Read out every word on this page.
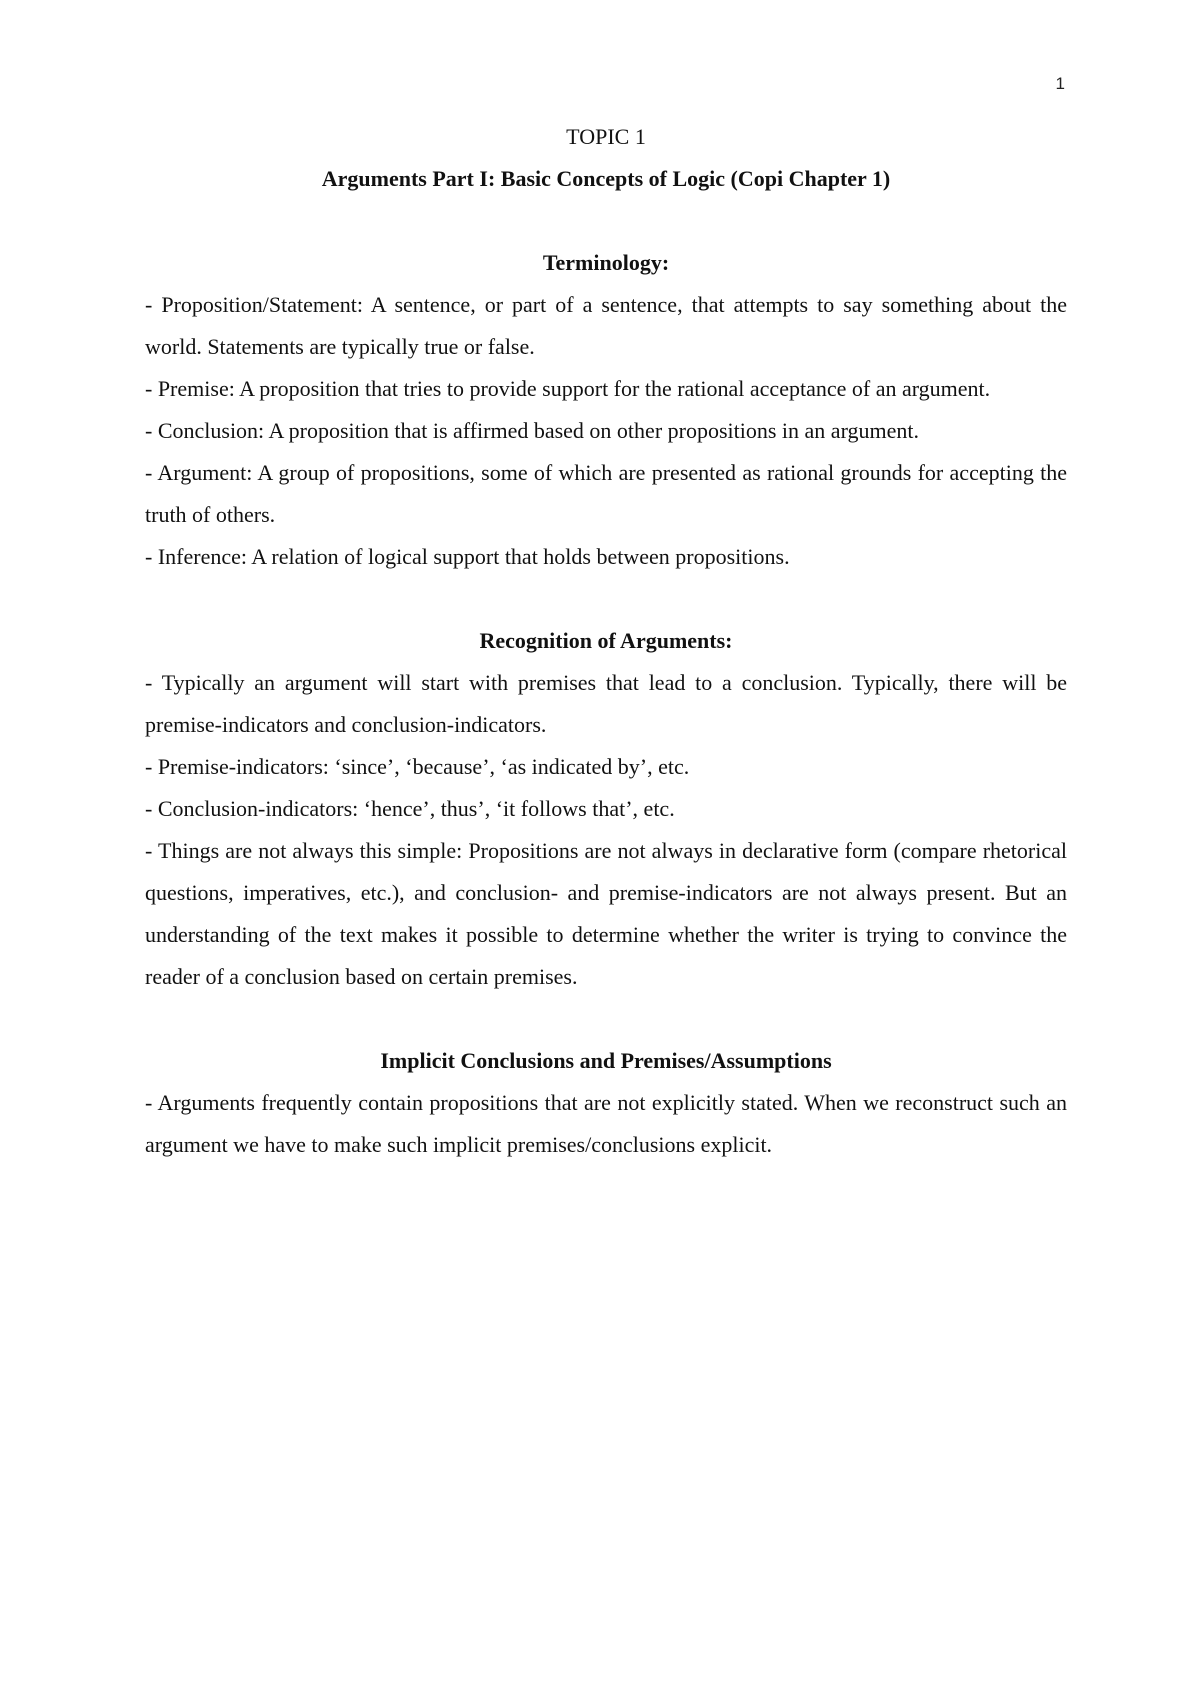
1

TOPIC 1

Arguments Part I: Basic Concepts of Logic (Copi Chapter 1)

Terminology:

- Proposition/Statement: A sentence, or part of a sentence, that attempts to say something about the world. Statements are typically true or false.

- Premise: A proposition that tries to provide support for the rational acceptance of an argument.

- Conclusion: A proposition that is affirmed based on other propositions in an argument.

- Argument: A group of propositions, some of which are presented as rational grounds for accepting the truth of others.

- Inference: A relation of logical support that holds between propositions.

Recognition of Arguments:

- Typically an argument will start with premises that lead to a conclusion. Typically, there will be premise-indicators and conclusion-indicators.

- Premise-indicators: ‘since’, ‘because’, ‘as indicated by’, etc.

- Conclusion-indicators: ‘hence’, thus’, ‘it follows that’, etc.

- Things are not always this simple: Propositions are not always in declarative form (compare rhetorical questions, imperatives, etc.), and conclusion- and premise-indicators are not always present. But an understanding of the text makes it possible to determine whether the writer is trying to convince the reader of a conclusion based on certain premises.

Implicit Conclusions and Premises/Assumptions

- Arguments frequently contain propositions that are not explicitly stated. When we reconstruct such an argument we have to make such implicit premises/conclusions explicit.
